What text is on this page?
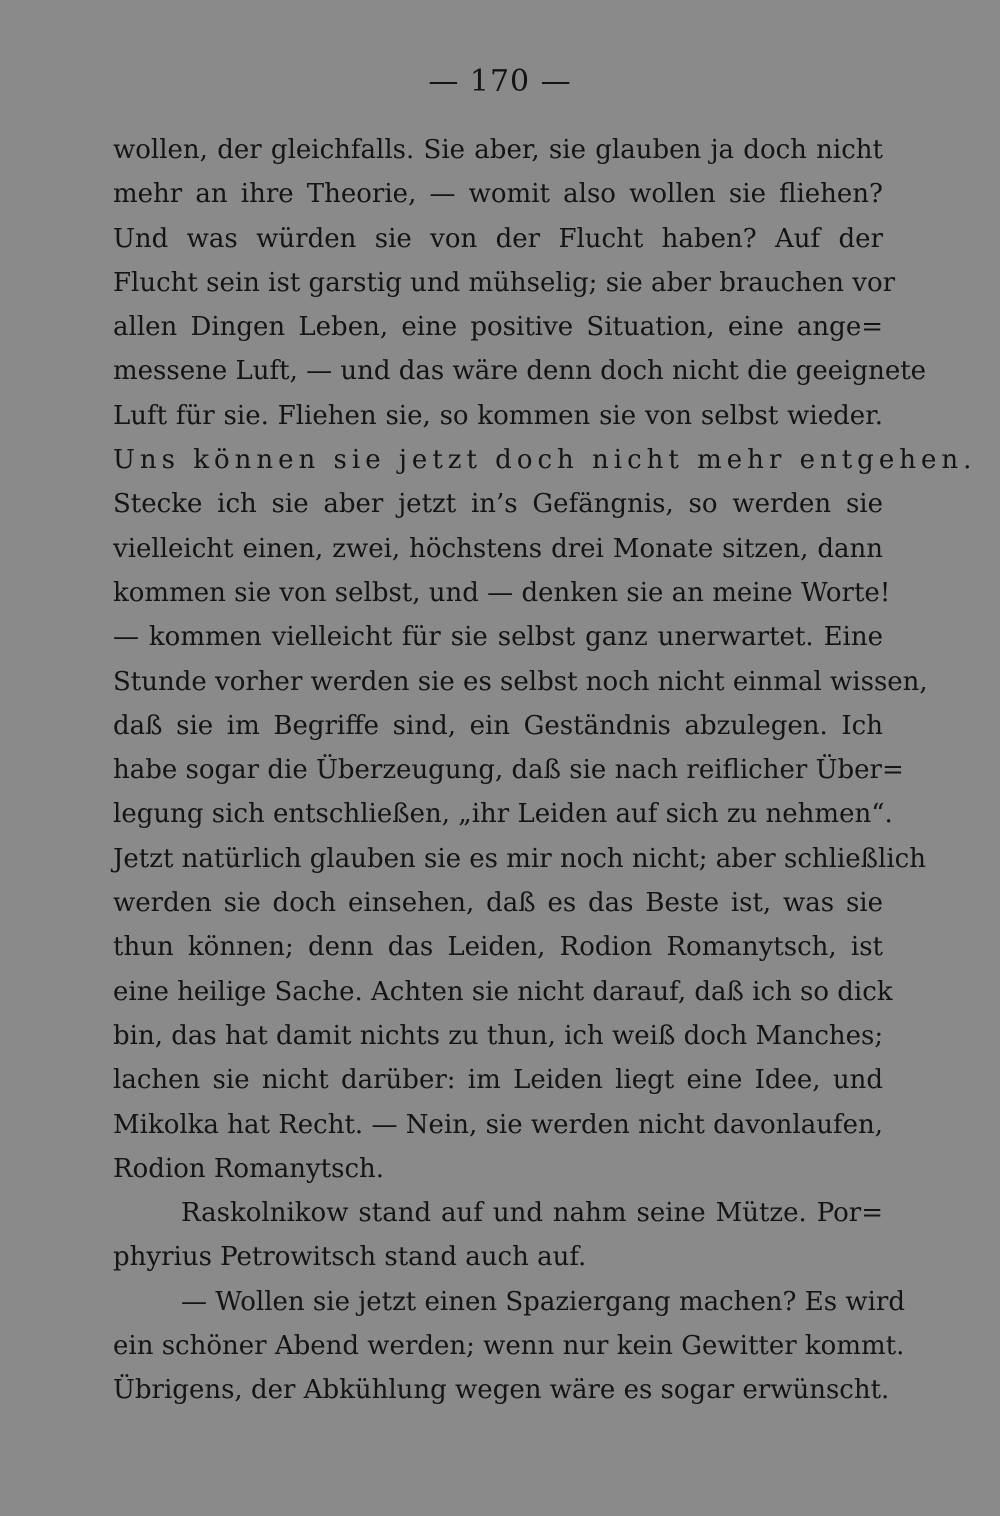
— 170 —
wollen, der gleichfalls. Sie aber, sie glauben ja doch nicht
mehr an ihre Theorie, — womit also wollen sie fliehen?
Und was würden sie von der Flucht haben? Auf der
Flucht sein ist garstig und mühselig; sie aber brauchen vor
allen Dingen Leben, eine positive Situation, eine ange=
messene Luft, — und das wäre denn doch nicht die geeignete
Luft für sie. Fliehen sie, so kommen sie von selbst wieder.
Uns können sie jetzt doch nicht mehr entgehen.
Stecke ich sie aber jetzt in’s Gefängnis, so werden sie
vielleicht einen, zwei, höchstens drei Monate sitzen, dann
kommen sie von selbst, und — denken sie an meine Worte!
— kommen vielleicht für sie selbst ganz unerwartet. Eine
Stunde vorher werden sie es selbst noch nicht einmal wissen,
daß sie im Begriffe sind, ein Geständnis abzulegen. Ich
habe sogar die Überzeugung, daß sie nach reiflicher Über=
legung sich entschließen, „ihr Leiden auf sich zu nehmen“.
Jetzt natürlich glauben sie es mir noch nicht; aber schließlich
werden sie doch einsehen, daß es das Beste ist, was sie
thun können; denn das Leiden, Rodion Romanytsch, ist
eine heilige Sache. Achten sie nicht darauf, daß ich so dick
bin, das hat damit nichts zu thun, ich weiß doch Manches;
lachen sie nicht darüber: im Leiden liegt eine Idee, und
Mikolka hat Recht. — Nein, sie werden nicht davonlaufen,
Rodion Romanytsch.
Raskolnikow stand auf und nahm seine Mütze. Por=
phyrius Petrowitsch stand auch auf.
— Wollen sie jetzt einen Spaziergang machen? Es wird
ein schöner Abend werden; wenn nur kein Gewitter kommt.
Übrigens, der Abkühlung wegen wäre es sogar erwünscht.
